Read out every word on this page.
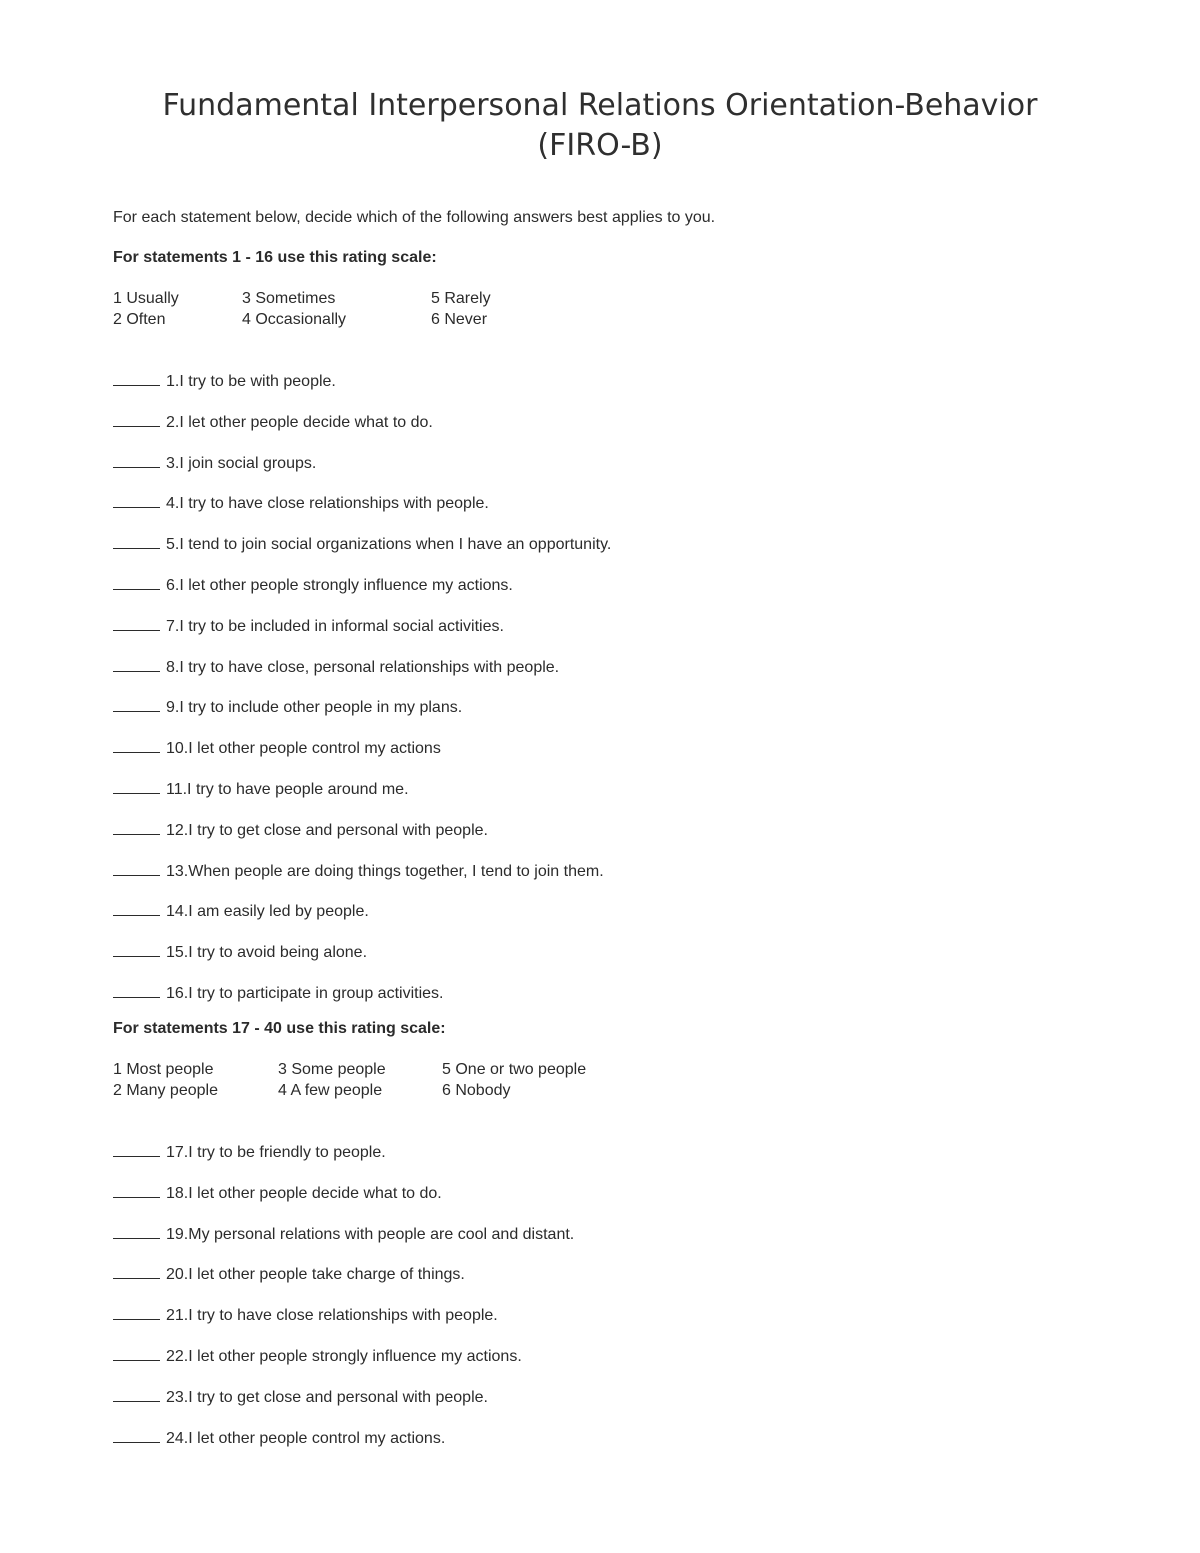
Fundamental Interpersonal Relations Orientation-Behavior
(FIRO-B)
For each statement below, decide which of the following answers best applies to you.
For statements 1 - 16 use this rating scale:
1 Usually	3 Sometimes	5 Rarely
2 Often	4 Occasionally	6 Never
1.I try to be with people.
2.I let other people decide what to do.
3.I join social groups.
4.I try to have close relationships with people.
5.I tend to join social organizations when I have an opportunity.
6.I let other people strongly influence my actions.
7.I try to be included in informal social activities.
8.I try to have close, personal relationships with people.
9.I try to include other people in my plans.
10.I let other people control my actions
11.I try to have people around me.
12.I try to get close and personal with people.
13.When people are doing things together, I tend to join them.
14.I am easily led by people.
15.I try to avoid being alone.
16.I try to participate in group activities.
For statements 17 - 40 use this rating scale:
1 Most people	3 Some people	5 One or two people
2 Many people	4 A few people	6 Nobody
17.I try to be friendly to people.
18.I let other people decide what to do.
19.My personal relations with people are cool and distant.
20.I let other people take charge of things.
21.I try to have close relationships with people.
22.I let other people strongly influence my actions.
23.I try to get close and personal with people.
24.I let other people control my actions.
